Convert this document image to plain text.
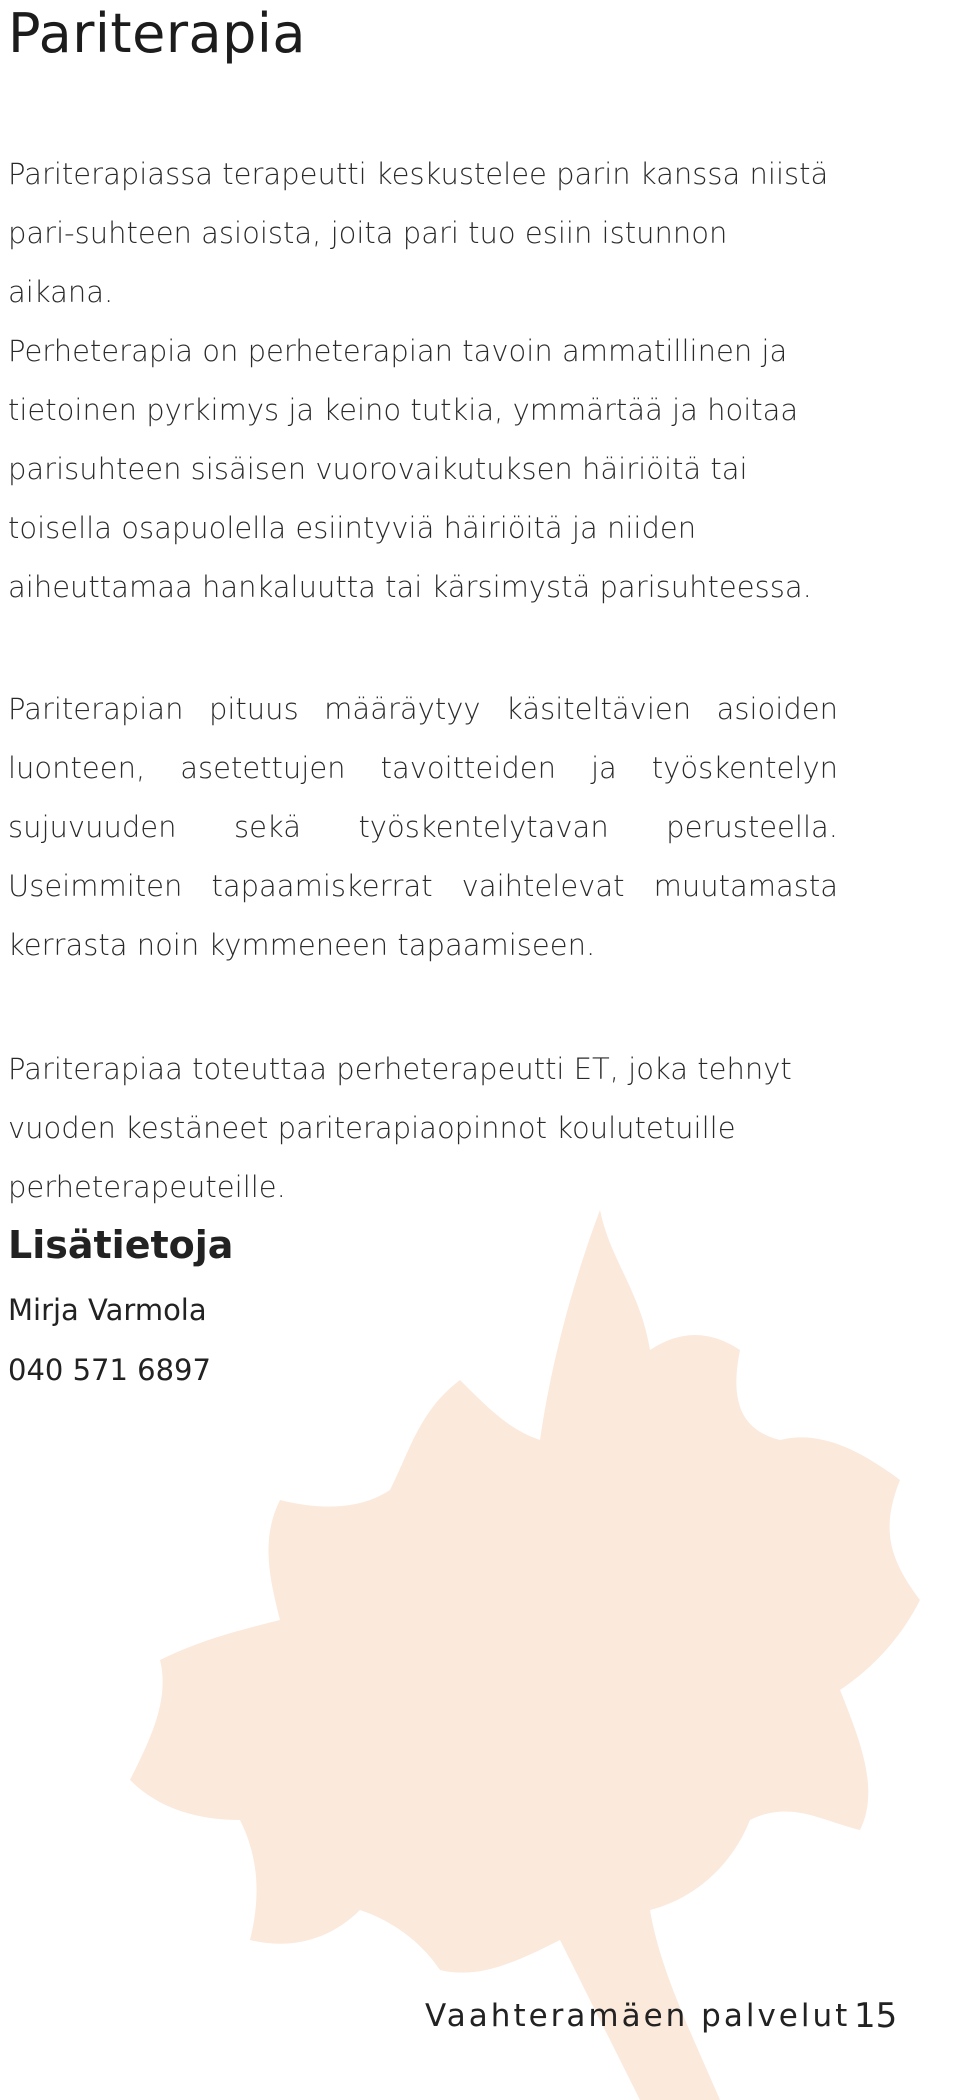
Pariterapia

Pariterapiassa terapeutti keskustelee parin kanssa niistä pari-suhteen asioista, joita pari tuo esiin istunnon aikana.

Perheterapia on perheterapian tavoin ammatillinen ja tietoinen pyrkimys ja keino tutkia, ymmärtää ja hoitaa parisuhteen sisäisen vuorovaikutuksen häiriöitä tai toisella osapuolella esiintyviä häiriöitä ja niiden aiheuttamaa hankaluutta tai kärsimystä parisuhteessa.

Pariterapian pituus määräytyy käsiteltävien asioiden luonteen, asetettujen tavoitteiden ja työskentelyn sujuvuuden sekä työskentelytavan perusteella. Useimmiten tapaamiskerrat vaihtelevat muutamasta kerrasta noin kymmeneen tapaamiseen.

Pariterapiaa toteuttaa perheterapeutti ET, joka tehnyt vuoden kestäneet pariterapiaopinnot koulutetuille perheterapeuteille.

Lisätietoja
Mirja Varmola
040 571 6897
Vaahteramäen palvelut 15
